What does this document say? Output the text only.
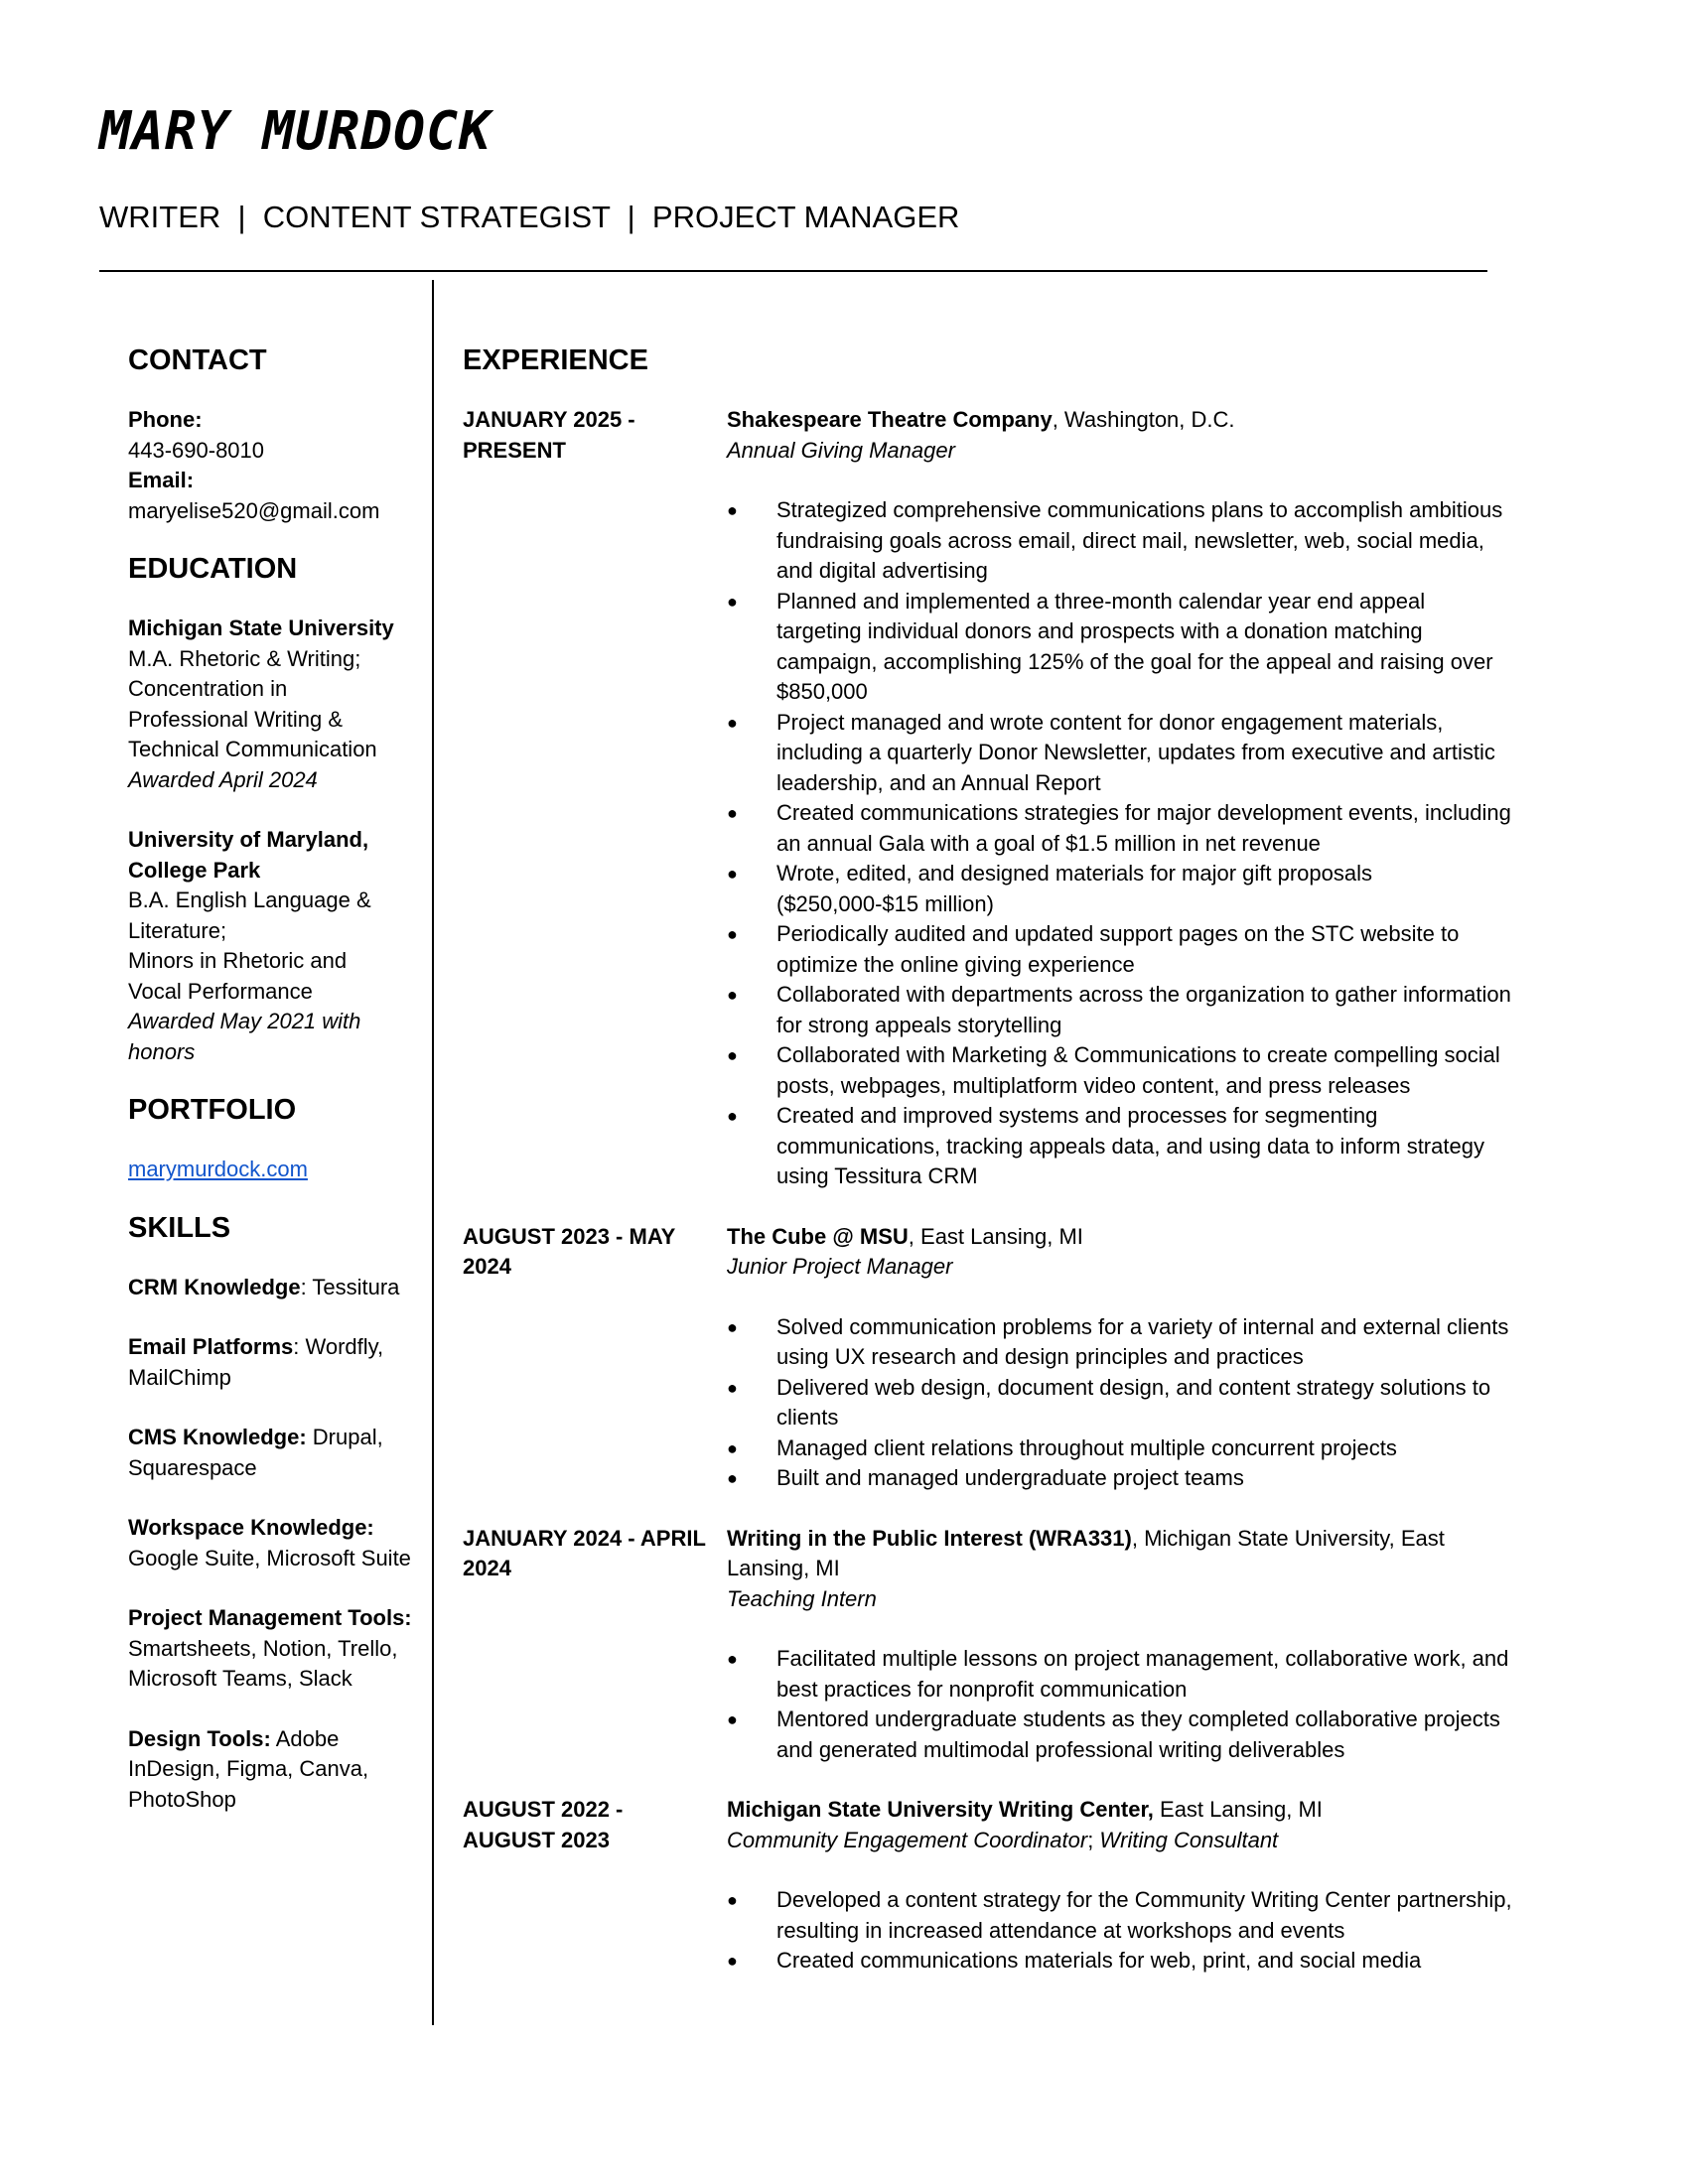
MARY MURDOCK

WRITER  |  CONTENT STRATEGIST  |  PROJECT MANAGER

CONTACT

Phone:

443-690-8010

Email:

maryelise520@gmail.com

EDUCATION

Michigan State University

M.A. Rhetoric & Writing;

Concentration in

Professional Writing &

Technical Communication

Awarded April 2024

University of Maryland,

College Park

B.A. English Language &

Literature;

Minors in Rhetoric and

Vocal Performance

Awarded May 2021 with

honors

PORTFOLIO
marymurdock.com
SKILLS

CRM Knowledge: Tessitura

Email Platforms: Wordfly, MailChimp

CMS Knowledge: Drupal, Squarespace

Workspace Knowledge: Google Suite, Microsoft Suite

Project Management Tools: Smartsheets, Notion, Trello, Microsoft Teams, Slack

Design Tools: Adobe InDesign, Figma, Canva, PhotoShop

EXPERIENCE
JANUARY 2025 -
PRESENT
Shakespeare Theatre Company, Washington, D.C.
Annual Giving Manager
● Strategized comprehensive communications plans to accomplish ambitious fundraising goals across email, direct mail, newsletter, web, social media, and digital advertising
● Planned and implemented a three-month calendar year end appeal targeting individual donors and prospects with a donation matching campaign, accomplishing 125% of the goal for the appeal and raising over $850,000
● Project managed and wrote content for donor engagement materials, including a quarterly Donor Newsletter, updates from executive and artistic leadership, and an Annual Report
● Created communications strategies for major development events, including an annual Gala with a goal of $1.5 million in net revenue
● Wrote, edited, and designed materials for major gift proposals ($250,000-$15 million)
● Periodically audited and updated support pages on the STC website to optimize the online giving experience
● Collaborated with departments across the organization to gather information for strong appeals storytelling
● Collaborated with Marketing & Communications to create compelling social posts, webpages, multiplatform video content, and press releases
● Created and improved systems and processes for segmenting communications, tracking appeals data, and using data to inform strategy using Tessitura CRM
AUGUST 2023 - MAY
2024
The Cube @ MSU, East Lansing, MI
Junior Project Manager
● Solved communication problems for a variety of internal and external clients using UX research and design principles and practices
● Delivered web design, document design, and content strategy solutions to clients
● Managed client relations throughout multiple concurrent projects
● Built and managed undergraduate project teams
JANUARY 2024 - APRIL
2024
Writing in the Public Interest (WRA331), Michigan State University, East Lansing, MI
Teaching Intern
● Facilitated multiple lessons on project management, collaborative work, and best practices for nonprofit communication
● Mentored undergraduate students as they completed collaborative projects and generated multimodal professional writing deliverables
AUGUST 2022 -
AUGUST 2023
Michigan State University Writing Center, East Lansing, MI
Community Engagement Coordinator; Writing Consultant
● Developed a content strategy for the Community Writing Center partnership, resulting in increased attendance at workshops and events
● Created communications materials for web, print, and social media
